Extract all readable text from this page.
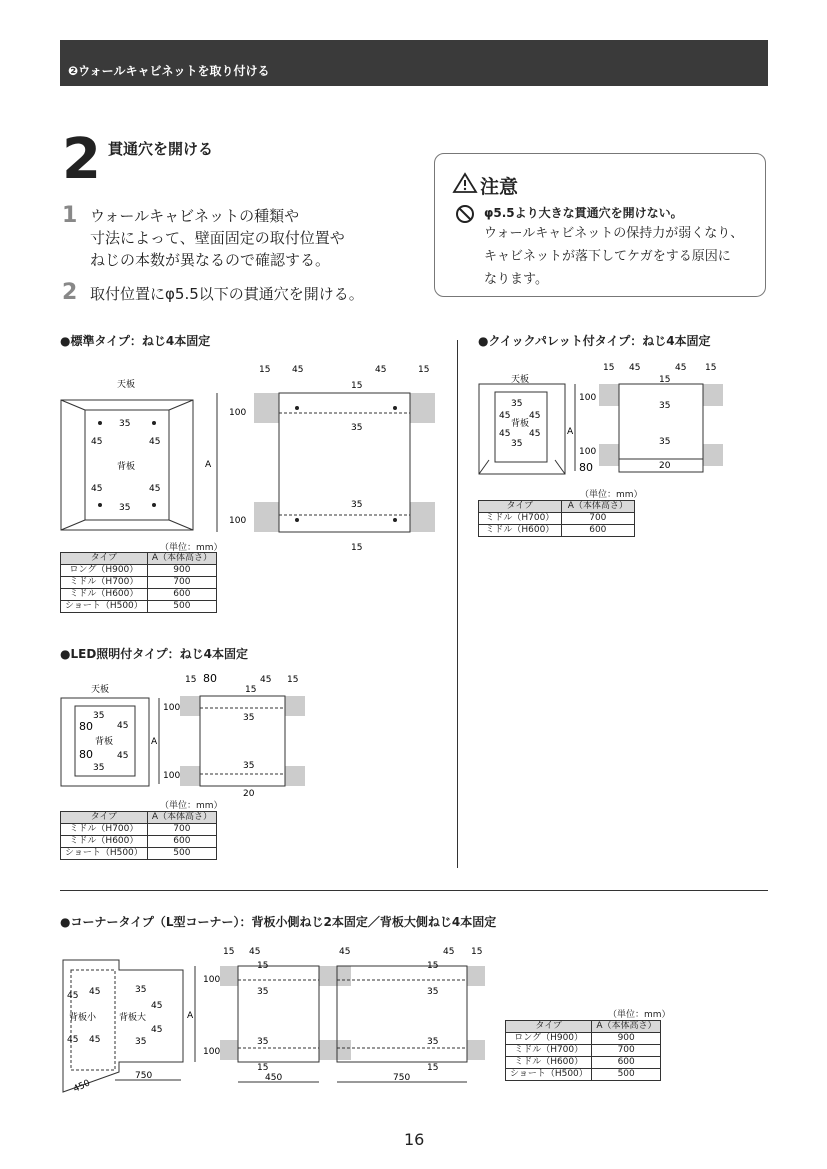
❷ウォールキャビネットを取り付ける
2 貫通穴を開ける
1 ウォールキャビネットの種類や
寸法によって、壁面固定の取付位置や
ねじの本数が異なるので確認する。
2 取付位置にφ5.5以下の貫通穴を開ける。
注意
φ5.5より大きな貫通穴を開けない。
ウォールキャビネットの保持力が弱くなり、
キャビネットが落下してケガをする原因に
なります。
●標準タイプ：ねじ4本固定
天板
35
45	45
背板
45	45
35
A
100
100
15 45	45	15
15
35
35
15
（単位：mm）
タイプ	A（本体高さ）
ロング（H900）	900
ミドル（H700）	700
ミドル（H600）	600
ショート（H500）	500
●クイックパレット付タイプ：ねじ4本固定
天板
35
45 45
背板
45 45
35
A
100
100
80	20
15 45	45 15
15
35
35
（単位：mm）
タイプ	A（本体高さ）
ミドル（H700）	700
ミドル（H600）	600
●LED照明付タイプ：ねじ4本固定
天板
35
80	45
背板
80	45
35
A
100
100
15 80	45 15
15
35
35
20
（単位：mm）
タイプ	A（本体高さ）
ミドル（H700）	700
ミドル（H600）	600
ショート（H500）	500
●コーナータイプ（L型コーナー）：背板小側ねじ2本固定／背板大側ねじ4本固定
45 45
背板小
45 45
35
45
背板大
45
35
750
450
A
100
100
15 45
15
35
35
15
450
45	45 15
15
35
35
15
750
（単位：mm）
タイプ	A（本体高さ）
ロング（H900）	900
ミドル（H700）	700
ミドル（H600）	600
ショート（H500）	500
16
